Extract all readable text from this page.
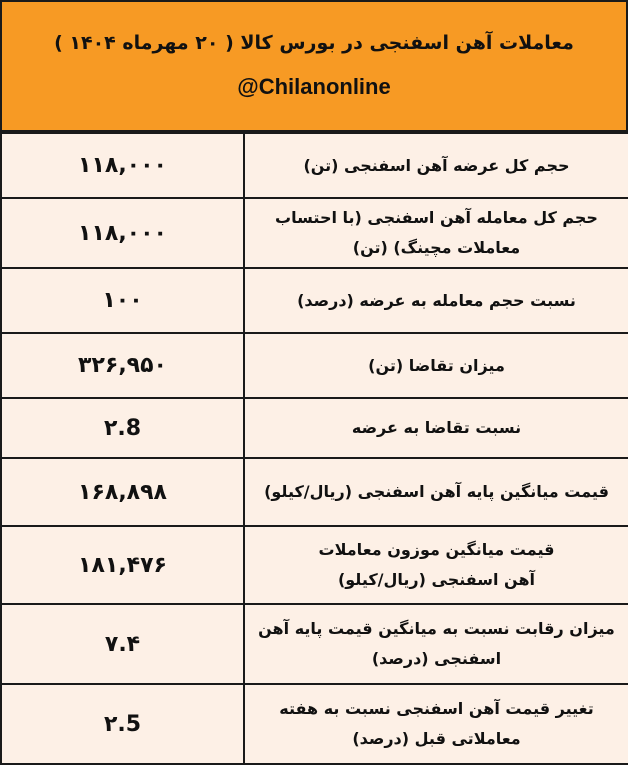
معاملات آهن اسفنجی در بورس کالا ( ۲۰ مهرماه ۱۴۰۴ )
@Chilanonline
۱۱۸,۰۰۰	حجم کل عرضه آهن اسفنجی (تن)
۱۱۸,۰۰۰	حجم کل معامله آهن اسفنجی (با احتساب معاملات مچینگ) (تن)
۱۰۰	نسبت حجم معامله به عرضه (درصد)
۳۲۶,۹۵۰	میزان تقاضا (تن)
۲.8	نسبت تقاضا به عرضه
۱۶۸,۸۹۸	قیمت میانگین پایه آهن اسفنجی (ریال/کیلو)
۱۸۱,۴۷۶	قیمت میانگین موزون معاملات آهن اسفنجی (ریال/کیلو)
۷.۴	میزان رقابت نسبت به میانگین قیمت پایه آهن اسفنجی (درصد)
۲.5	تغییر قیمت آهن اسفنجی نسبت به هفته معاملاتی قبل (درصد)
